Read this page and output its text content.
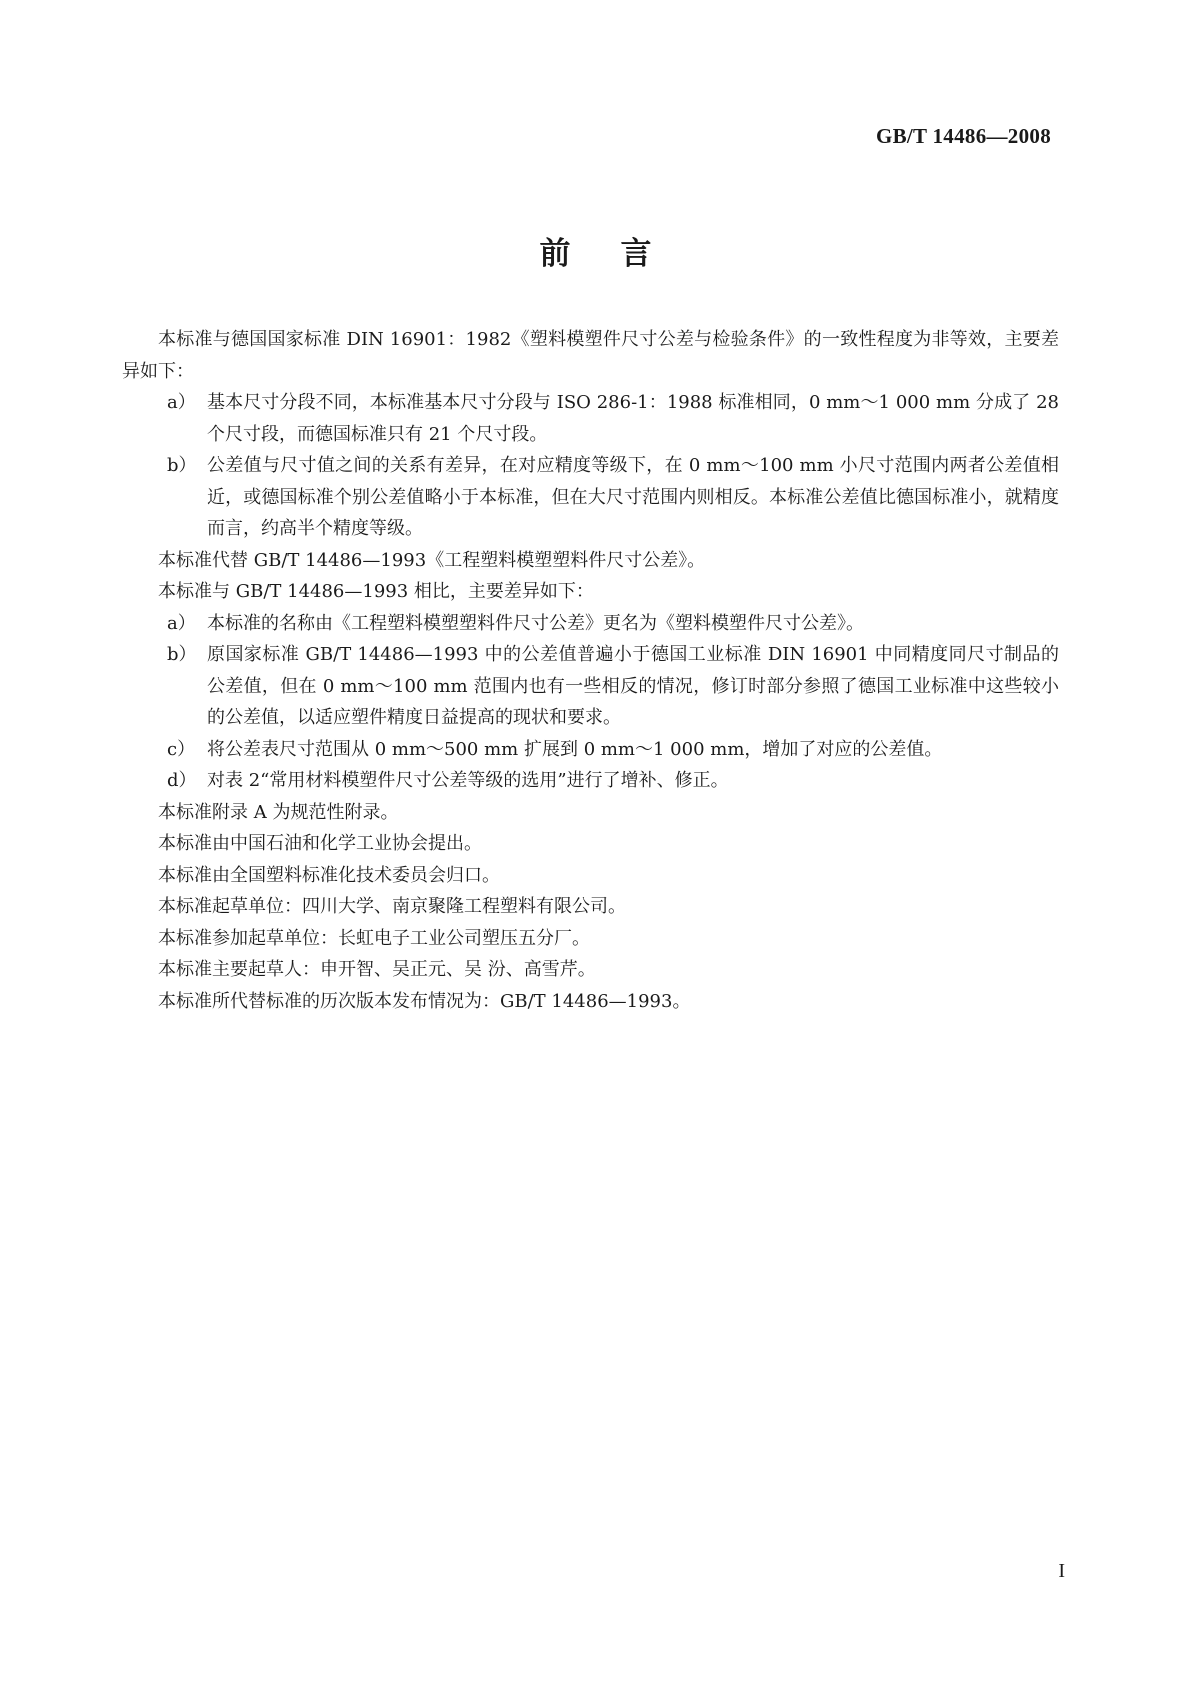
GB/T 14486—2008
前言

本标准与德国国家标准 DIN 16901：1982《塑料模塑件尺寸公差与检验条件》的一致性程度为非等效，主要差异如下：

a） 基本尺寸分段不同，本标准基本尺寸分段与 ISO 286-1：1988 标准相同，0 mm～1 000 mm 分成了 28 个尺寸段，而德国标准只有 21 个尺寸段。
b） 公差值与尺寸值之间的关系有差异，在对应精度等级下，在 0 mm～100 mm 小尺寸范围内两者公差值相近，或德国标准个别公差值略小于本标准，但在大尺寸范围内则相反。本标准公差值比德国标准小，就精度而言，约高半个精度等级。

本标准代替 GB/T 14486—1993《工程塑料模塑塑料件尺寸公差》。

本标准与 GB/T 14486—1993 相比，主要差异如下：

a） 本标准的名称由《工程塑料模塑塑料件尺寸公差》更名为《塑料模塑件尺寸公差》。
b） 原国家标准 GB/T 14486—1993 中的公差值普遍小于德国工业标准 DIN 16901 中同精度同尺寸制品的公差值，但在 0 mm～100 mm 范围内也有一些相反的情况，修订时部分参照了德国工业标准中这些较小的公差值，以适应塑件精度日益提高的现状和要求。
c） 将公差表尺寸范围从 0 mm～500 mm 扩展到 0 mm～1 000 mm，增加了对应的公差值。
d） 对表 2“常用材料模塑件尺寸公差等级的选用”进行了增补、修正。

本标准附录 A 为规范性附录。

本标准由中国石油和化学工业协会提出。

本标准由全国塑料标准化技术委员会归口。

本标准起草单位：四川大学、南京聚隆工程塑料有限公司。

本标准参加起草单位：长虹电子工业公司塑压五分厂。

本标准主要起草人：申开智、吴正元、吴 汾、高雪芹。

本标准所代替标准的历次版本发布情况为：GB/T 14486—1993。

I
